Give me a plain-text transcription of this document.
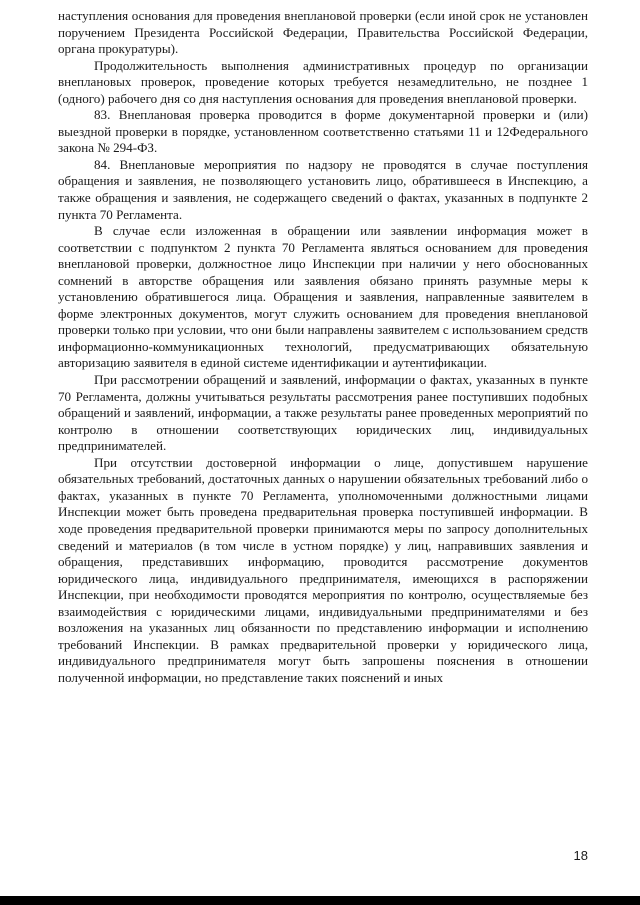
наступления основания для проведения внеплановой проверки (если иной срок не установлен поручением Президента Российской Федерации, Правительства Российской Федерации, органа прокуратуры).

Продолжительность выполнения административных процедур по организации внеплановых проверок, проведение которых требуется незамедлительно, не позднее 1 (одного) рабочего дня со дня наступления основания для проведения внеплановой проверки.

83. Внеплановая проверка проводится в форме документарной проверки и (или) выездной проверки в порядке, установленном соответственно статьями 11 и 12Федерального закона № 294-ФЗ.

84. Внеплановые мероприятия по надзору не проводятся в случае поступления обращения и заявления, не позволяющего установить лицо, обратившееся в Инспекцию, а также обращения и заявления, не содержащего сведений о фактах, указанных в подпункте 2 пункта 70 Регламента.

В случае если изложенная в обращении или заявлении информация может в соответствии с подпунктом 2 пункта 70 Регламента являться основанием для проведения внеплановой проверки, должностное лицо Инспекции при наличии у него обоснованных сомнений в авторстве обращения или заявления обязано принять разумные меры к установлению обратившегося лица. Обращения и заявления, направленные заявителем в форме электронных документов, могут служить основанием для проведения внеплановой проверки только при условии, что они были направлены заявителем с использованием средств информационно-коммуникационных технологий, предусматривающих обязательную авторизацию заявителя в единой системе идентификации и аутентификации.

При рассмотрении обращений и заявлений, информации о фактах, указанных в пункте 70 Регламента, должны учитываться результаты рассмотрения ранее поступивших подобных обращений и заявлений, информации, а также результаты ранее проведенных мероприятий по контролю в отношении соответствующих юридических лиц, индивидуальных предпринимателей.

При отсутствии достоверной информации о лице, допустившем нарушение обязательных требований, достаточных данных о нарушении обязательных требований либо о фактах, указанных в пункте 70 Регламента, уполномоченными должностными лицами Инспекции может быть проведена предварительная проверка поступившей информации. В ходе проведения предварительной проверки принимаются меры по запросу дополнительных сведений и материалов (в том числе в устном порядке) у лиц, направивших заявления и обращения, представивших информацию, проводится рассмотрение документов юридического лица, индивидуального предпринимателя, имеющихся в распоряжении Инспекции, при необходимости проводятся мероприятия по контролю, осуществляемые без взаимодействия с юридическими лицами, индивидуальными предпринимателями и без возложения на указанных лиц обязанности по представлению информации и исполнению требований Инспекции. В рамках предварительной проверки у юридического лица, индивидуального предпринимателя могут быть запрошены пояснения в отношении полученной информации, но представление таких пояснений и иных

18
